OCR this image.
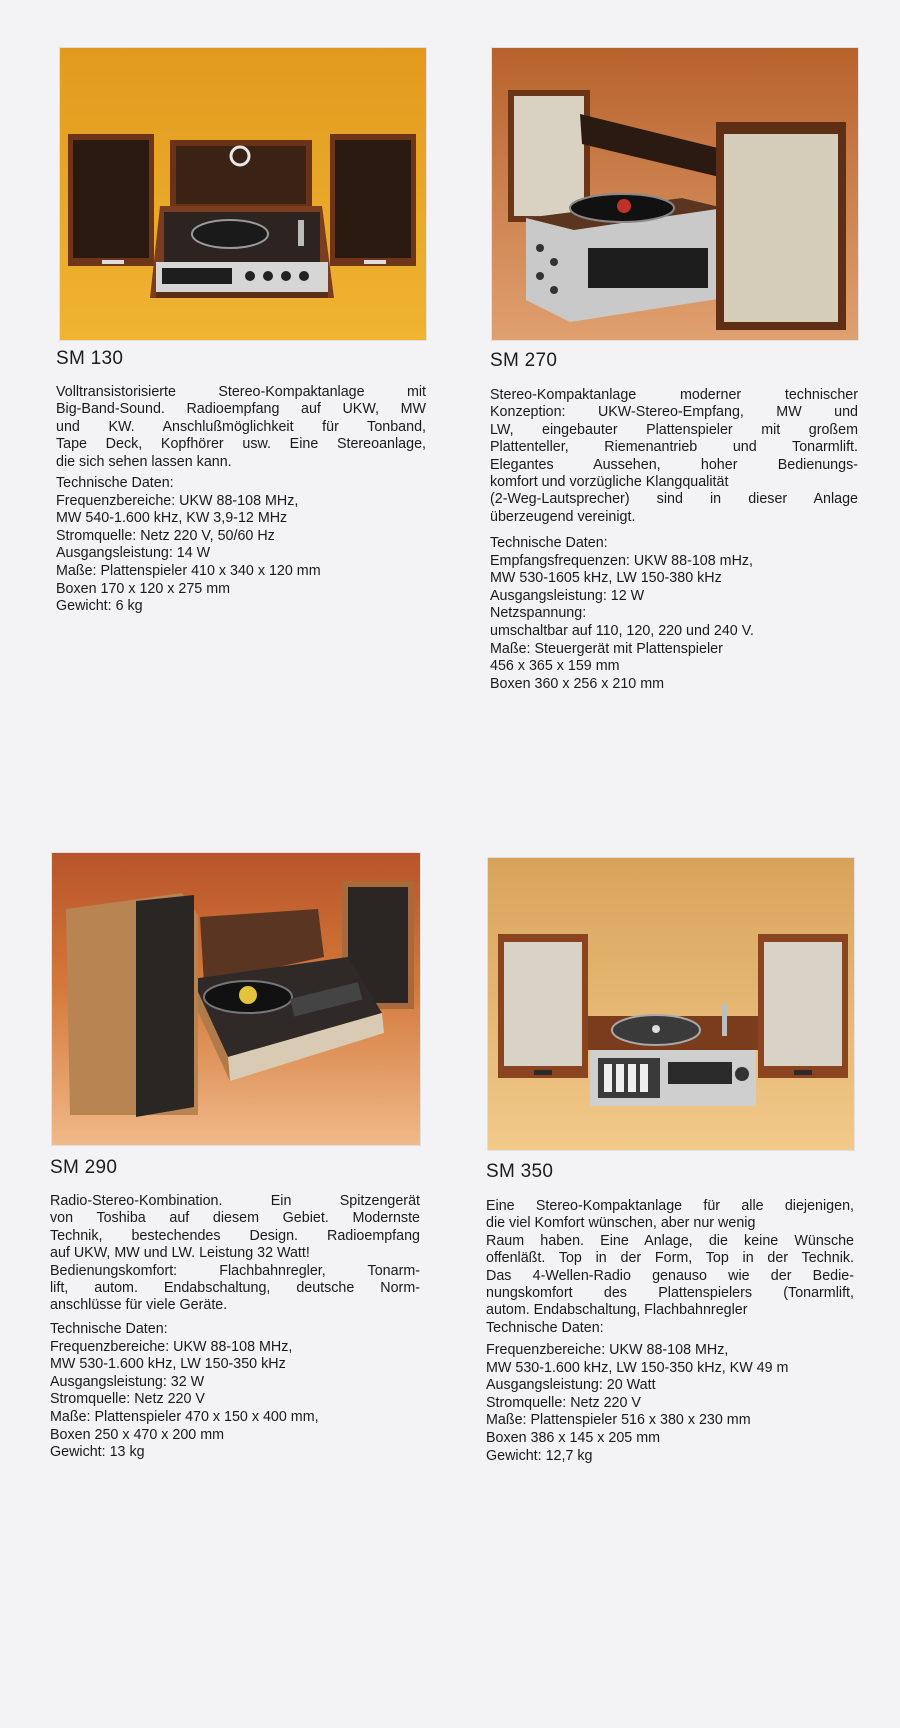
SM 130
Volltransistorisierte Stereo-Kompaktanlage mit
Big-Band-Sound. Radioempfang auf UKW, MW
und KW. Anschlußmöglichkeit für Tonband,
Tape Deck, Kopfhörer usw. Eine Stereoanlage,
die sich sehen lassen kann.
Technische Daten:
Frequenzbereiche: UKW 88-108 MHz,
MW 540-1.600 kHz, KW 3,9-12 MHz
Stromquelle: Netz 220 V, 50/60 Hz
Ausgangsleistung: 14 W
Maße: Plattenspieler 410 x 340 x 120 mm
Boxen 170 x 120 x 275 mm
Gewicht: 6 kg
SM 270
Stereo-Kompaktanlage moderner technischer
Konzeption: UKW-Stereo-Empfang, MW und
LW, eingebauter Plattenspieler mit großem
Plattenteller, Riemenantrieb und Tonarmlift.
Elegantes Aussehen, hoher Bedienungs-
komfort und vorzügliche Klangqualität
(2-Weg-Lautsprecher) sind in dieser Anlage
überzeugend vereinigt.
Technische Daten:
Empfangsfrequenzen: UKW 88-108 mHz,
MW 530-1605 kHz, LW 150-380 kHz
Ausgangsleistung: 12 W
Netzspannung:
umschaltbar auf 110, 120, 220 und 240 V.
Maße: Steuergerät mit Plattenspieler
456 x 365 x 159 mm
Boxen 360 x 256 x 210 mm
SM 290
Radio-Stereo-Kombination. Ein Spitzengerät
von Toshiba auf diesem Gebiet. Modernste
Technik, bestechendes Design. Radioempfang
auf UKW, MW und LW. Leistung 32 Watt!
Bedienungskomfort: Flachbahnregler, Tonarm-
lift, autom. Endabschaltung, deutsche Norm-
anschlüsse für viele Geräte.
Technische Daten:
Frequenzbereiche: UKW 88-108 MHz,
MW 530-1.600 kHz, LW 150-350 kHz
Ausgangsleistung: 32 W
Stromquelle: Netz 220 V
Maße: Plattenspieler 470 x 150 x 400 mm,
Boxen 250 x 470 x 200 mm
Gewicht: 13 kg
SM 350
Eine Stereo-Kompaktanlage für alle diejenigen,
die viel Komfort wünschen, aber nur wenig
Raum haben. Eine Anlage, die keine Wünsche
offenläßt. Top in der Form, Top in der Technik.
Das 4-Wellen-Radio genauso wie der Bedie-
nungskomfort des Plattenspielers (Tonarmlift,
autom. Endabschaltung, Flachbahnregler
Technische Daten:
Frequenzbereiche: UKW 88-108 MHz,
MW 530-1.600 kHz, LW 150-350 kHz, KW 49 m
Ausgangsleistung: 20 Watt
Stromquelle: Netz 220 V
Maße: Plattenspieler 516 x 380 x 230 mm
Boxen 386 x 145 x 205 mm
Gewicht: 12,7 kg
